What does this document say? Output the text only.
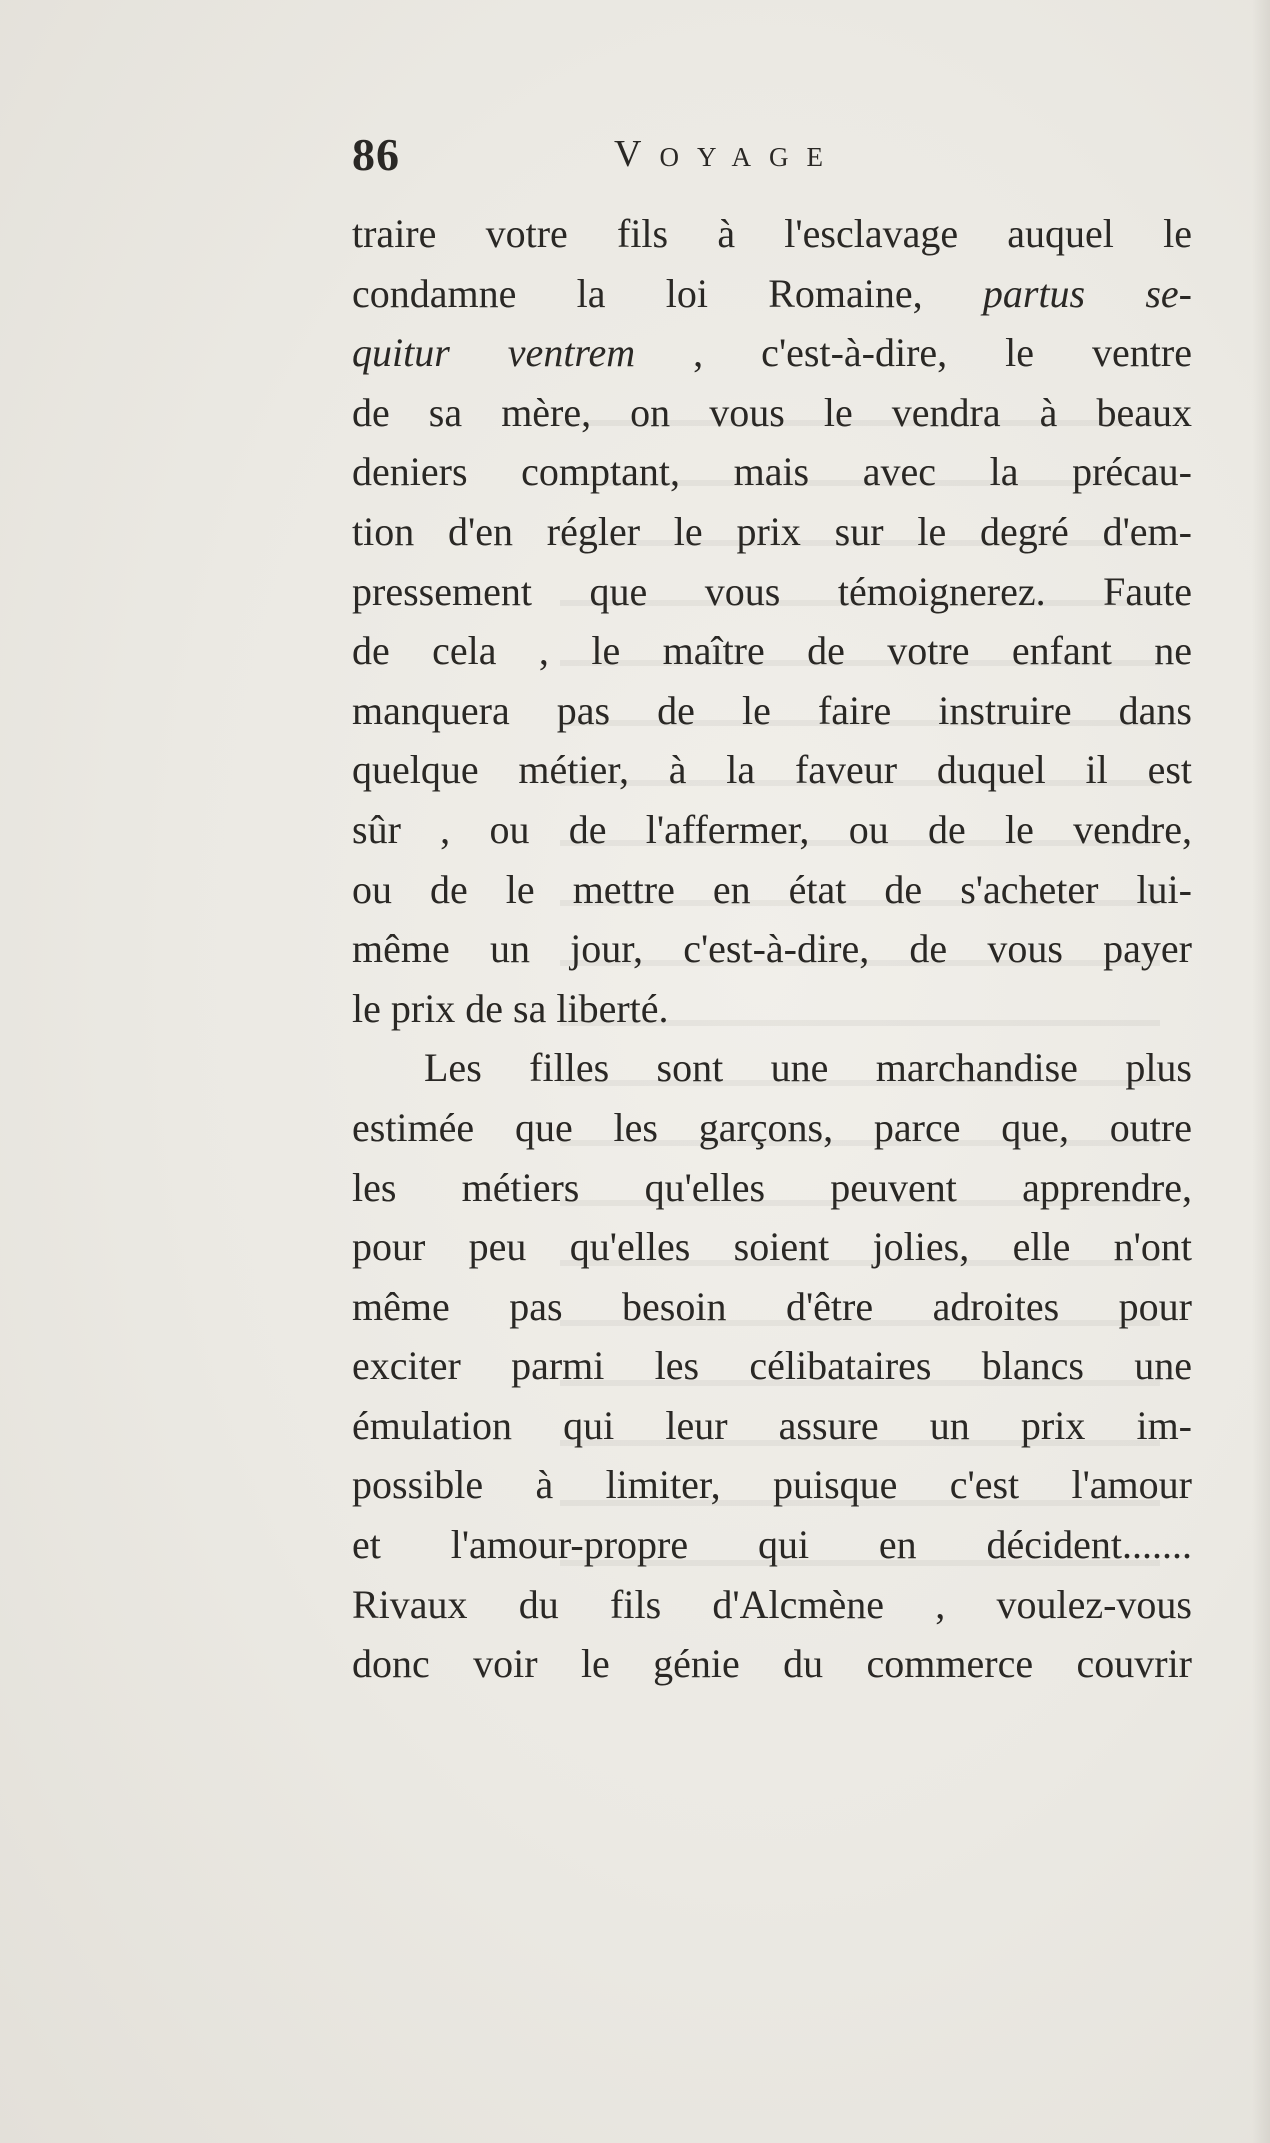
86	Voyage
traire votre fils à l'esclavage auquel le
condamne la loi Romaine, partus se-
quitur ventrem , c'est-à-dire, le ventre
de sa mère, on vous le vendra à beaux
deniers comptant, mais avec la précau-
tion d'en régler le prix sur le degré d'em-
pressement que vous témoignerez. Faute
de cela , le maître de votre enfant ne
manquera pas de le faire instruire dans
quelque métier, à la faveur duquel il est
sûr , ou de l'affermer, ou de le vendre,
ou de le mettre en état de s'acheter lui-
même un jour, c'est-à-dire, de vous payer
le prix de sa liberté.
Les filles sont une marchandise plus
estimée que les garçons, parce que, outre
les métiers qu'elles peuvent apprendre,
pour peu qu'elles soient jolies, elle n'ont
même pas besoin d'être adroites pour
exciter parmi les célibataires blancs une
émulation qui leur assure un prix im-
possible à limiter, puisque c'est l'amour
et l'amour-propre qui en décident.......
Rivaux du fils d'Alcmène , voulez-vous
donc voir le génie du commerce couvrir
